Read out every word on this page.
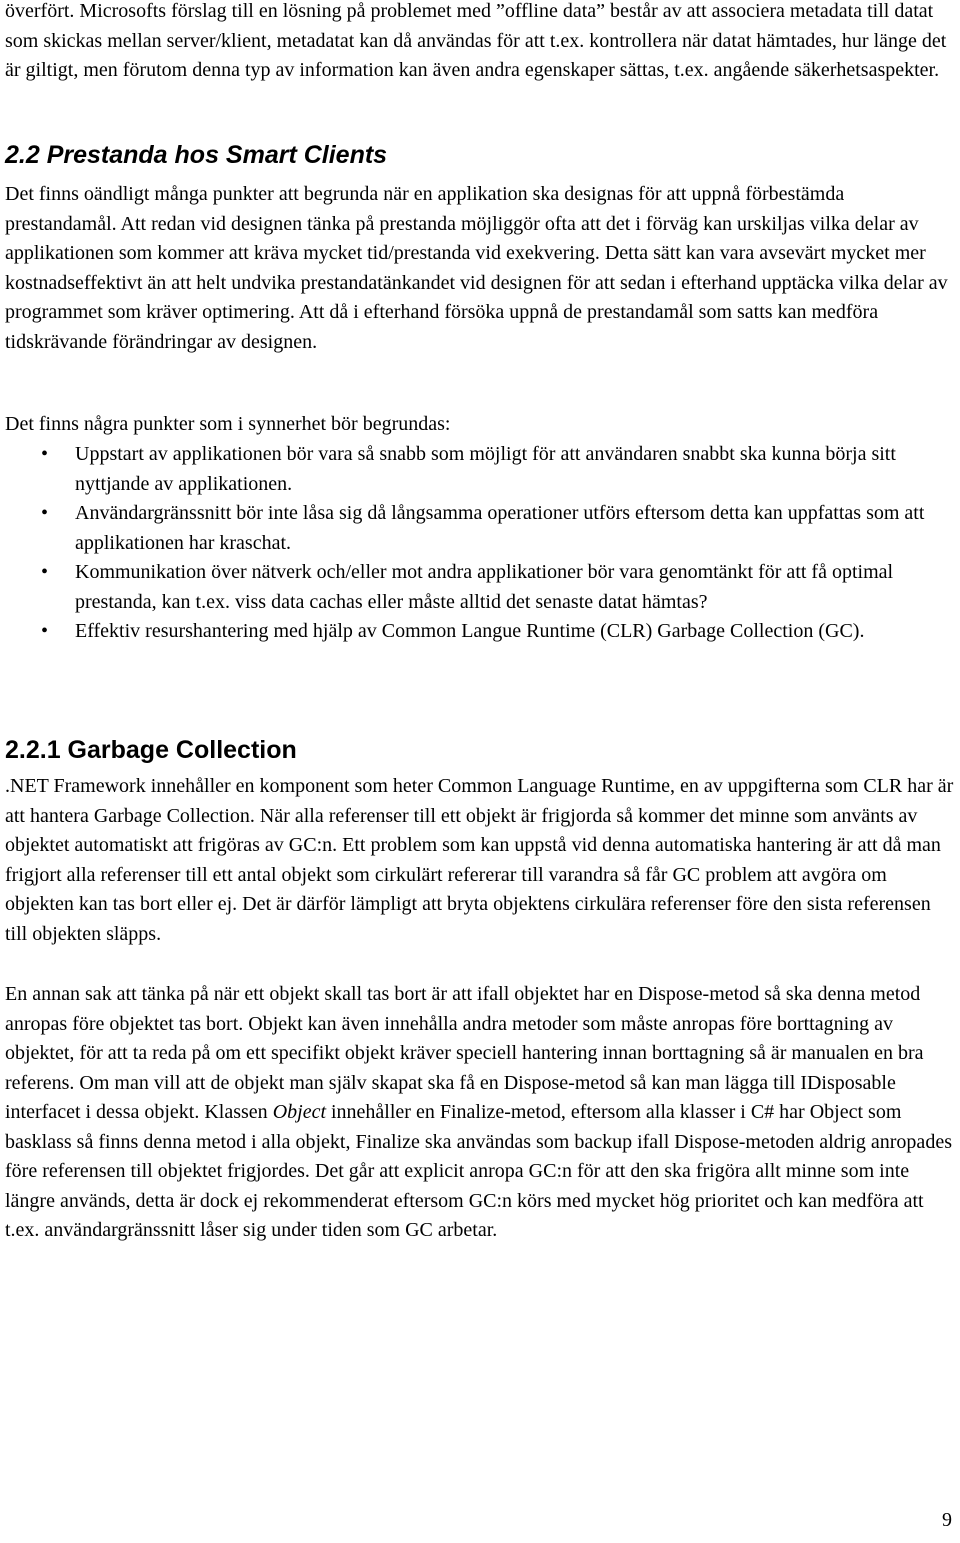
överfört. Microsofts förslag till en lösning på problemet med ”offline data” består av att associera metadata till datat som skickas mellan server/klient, metadatat kan då användas för att t.ex. kontrollera när datat hämtades, hur länge det är giltigt, men förutom denna typ av information kan även andra egenskaper sättas, t.ex. angående säkerhetsaspekter.

2.2 Prestanda hos Smart Clients

Det finns oändligt många punkter att begrunda när en applikation ska designas för att uppnå förbestämda prestandamål. Att redan vid designen tänka på prestanda möjliggör ofta att det i förväg kan urskiljas vilka delar av applikationen som kommer att kräva mycket tid/prestanda vid exekvering. Detta sätt kan vara avsevärt mycket mer kostnadseffektivt än att helt undvika prestandatänkandet vid designen för att sedan i efterhand upptäcka vilka delar av programmet som kräver optimering. Att då i efterhand försöka uppnå de prestandamål som satts kan medföra tidskrävande förändringar av designen.

Det finns några punkter som i synnerhet bör begrundas:

• Uppstart av applikationen bör vara så snabb som möjligt för att användaren snabbt ska kunna börja sitt nyttjande av applikationen.
• Användargränssnitt bör inte låsa sig då långsamma operationer utförs eftersom detta kan uppfattas som att applikationen har kraschat.
• Kommunikation över nätverk och/eller mot andra applikationer bör vara genomtänkt för att få optimal prestanda, kan t.ex. viss data cachas eller måste alltid det senaste datat hämtas?
• Effektiv resurshantering med hjälp av Common Langue Runtime (CLR) Garbage Collection (GC).
2.2.1 Garbage Collection

.NET Framework innehåller en komponent som heter Common Language Runtime, en av uppgifterna som CLR har är att hantera Garbage Collection. När alla referenser till ett objekt är frigjorda så kommer det minne som använts av objektet automatiskt att frigöras av GC:n. Ett problem som kan uppstå vid denna automatiska hantering är att då man frigjort alla referenser till ett antal objekt som cirkulärt refererar till varandra så får GC problem att avgöra om objekten kan tas bort eller ej. Det är därför lämpligt att bryta objektens cirkulära referenser före den sista referensen till objekten släpps.

En annan sak att tänka på när ett objekt skall tas bort är att ifall objektet har en Dispose-metod så ska denna metod anropas före objektet tas bort. Objekt kan även innehålla andra metoder som måste anropas före borttagning av objektet, för att ta reda på om ett specifikt objekt kräver speciell hantering innan borttagning så är manualen en bra referens. Om man vill att de objekt man själv skapat ska få en Dispose-metod så kan man lägga till IDisposable interfacet i dessa objekt. Klassen Object innehåller en Finalize-metod, eftersom alla klasser i C# har Object som basklass så finns denna metod i alla objekt, Finalize ska användas som backup ifall Dispose-metoden aldrig anropades före referensen till objektet frigjordes. Det går att explicit anropa GC:n för att den ska frigöra allt minne som inte längre används, detta är dock ej rekommenderat eftersom GC:n körs med mycket hög prioritet och kan medföra att t.ex. användargränssnitt låser sig under tiden som GC arbetar.

9
